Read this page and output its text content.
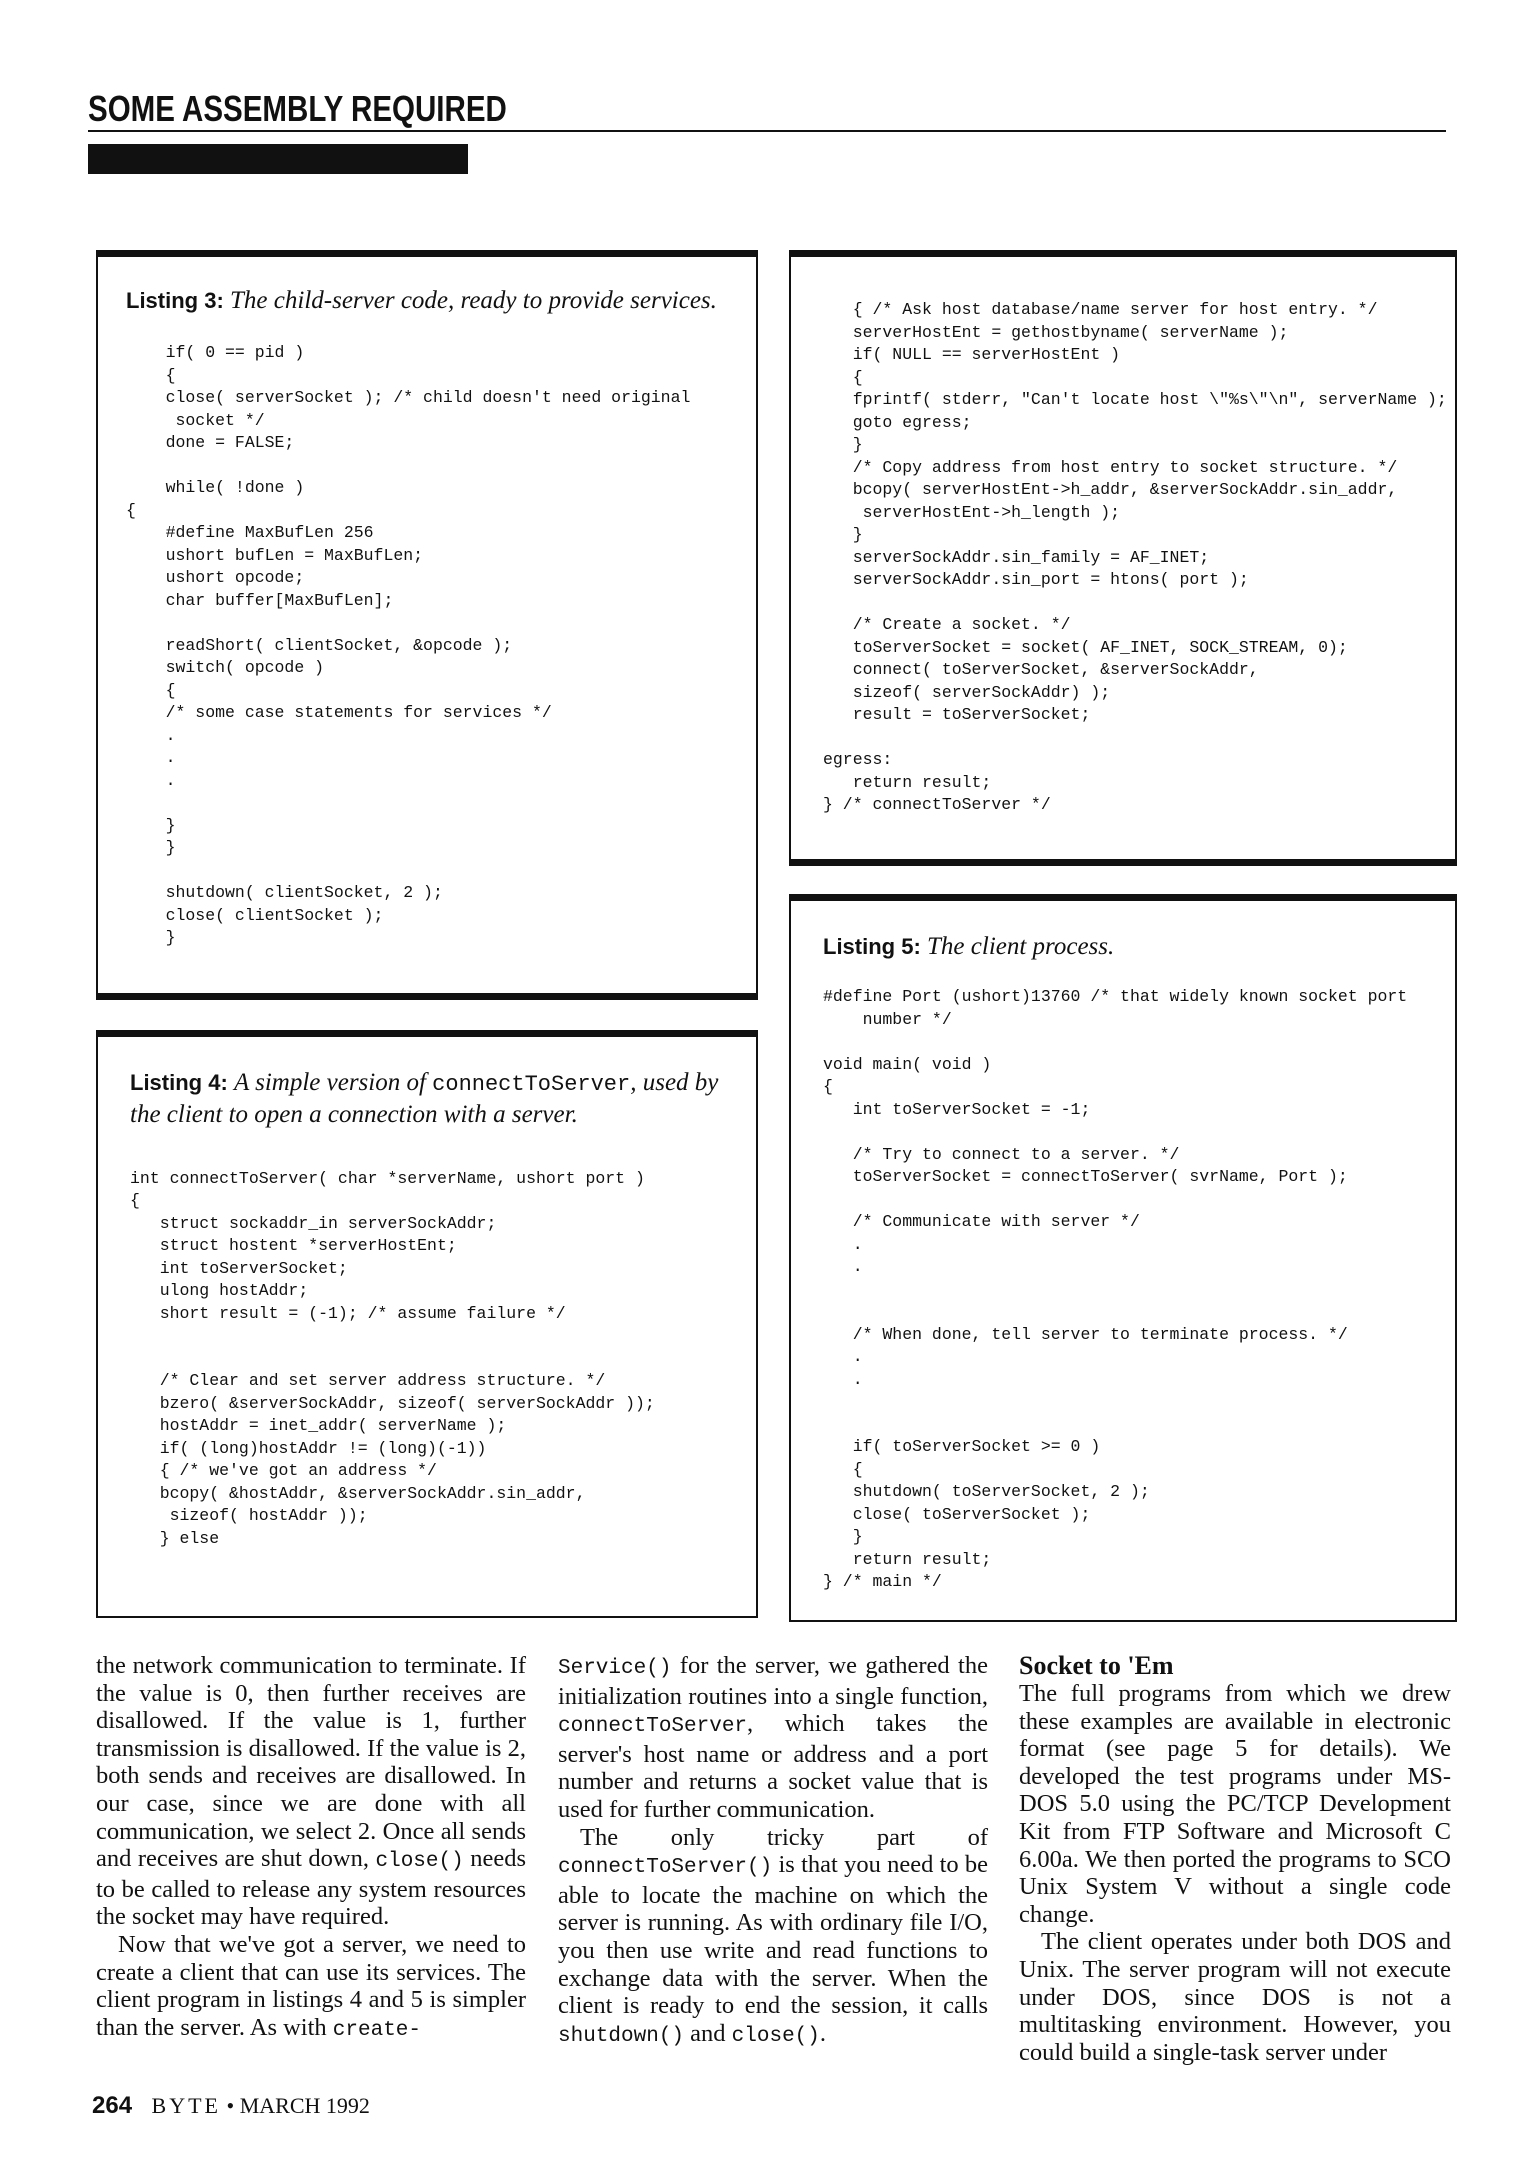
SOME ASSEMBLY REQUIRED

Listing 3: The child-server code, ready to provide services.

if( 0 == pid )
{
close( serverSocket ); /* child doesn't need original
socket */
done = FALSE;

while( !done )
{
#define MaxBufLen 256
ushort bufLen = MaxBufLen;
ushort opcode;
char buffer[MaxBufLen];

readShort( clientSocket, &opcode );
switch( opcode )
{
/* some case statements for services */
.
.
.

}
}

shutdown( clientSocket, 2 );
close( clientSocket );
}

Listing 4: A simple version of connectToServer, used by the client to open a connection with a server.

int connectToServer( char *serverName, ushort port )
{
struct sockaddr_in serverSockAddr;
struct hostent *serverHostEnt;
int toServerSocket;
ulong hostAddr;
short result = (-1); /* assume failure */

/* Clear and set server address structure. */
bzero( &serverSockAddr, sizeof( serverSockAddr ));
hostAddr = inet_addr( serverName );
if( (long)hostAddr != (long)(-1))
{ /* we've got an address */
bcopy( &hostAddr, &serverSockAddr.sin_addr,
sizeof( hostAddr ));
} else
{ /* Ask host database/name server for host entry. */
serverHostEnt = gethostbyname( serverName );
if( NULL == serverHostEnt )
{
fprintf( stderr, "Can't locate host \"%s\"\n", serverName );
goto egress;
}
/* Copy address from host entry to socket structure. */
bcopy( serverHostEnt->h_addr, &serverSockAddr.sin_addr,
serverHostEnt->h_length );
}
serverSockAddr.sin_family = AF_INET;
serverSockAddr.sin_port = htons( port );

/* Create a socket. */
toServerSocket = socket( AF_INET, SOCK_STREAM, 0);
connect( toServerSocket, &serverSockAddr,
sizeof( serverSockAddr) );
result = toServerSocket;

egress:
return result;
} /* connectToServer */

Listing 5: The client process.

#define Port (ushort)13760 /* that widely known socket port
number */

void main( void )
{
int toServerSocket = -1;

/* Try to connect to a server. */
toServerSocket = connectToServer( svrName, Port );

/* Communicate with server */
.
.

/* When done, tell server to terminate process. */
.
.

if( toServerSocket >= 0 )
{
shutdown( toServerSocket, 2 );
close( toServerSocket );
}
return result;
} /* main */

the network communication to terminate. If the value is 0, then further receives are disallowed. If the value is 1, further transmission is disallowed. If the value is 2, both sends and receives are disallowed. In our case, since we are done with all communication, we select 2. Once all sends and receives are shut down, close() needs to be called to release any system resources the socket may have required.

Now that we've got a server, we need to create a client that can use its services. The client program in listings 4 and 5 is simpler than the server. As with create-

Service() for the server, we gathered the initialization routines into a single function, connectToServer, which takes the server's host name or address and a port number and returns a socket value that is used for further communication.

The only tricky part of connectToServer() is that you need to be able to locate the machine on which the server is running. As with ordinary file I/O, you then use write and read functions to exchange data with the server. When the client is ready to end the session, it calls shutdown() and close().

Socket to 'Em

The full programs from which we drew these examples are available in electronic format (see page 5 for details). We developed the test programs under MS-DOS 5.0 using the PC/TCP Development Kit from FTP Software and Microsoft C 6.00a. We then ported the programs to SCO Unix System V without a single code change.

The client operates under both DOS and Unix. The server program will not execute under DOS, since DOS is not a multitasking environment. However, you could build a single-task server under

264 BYTE • MARCH 1992
